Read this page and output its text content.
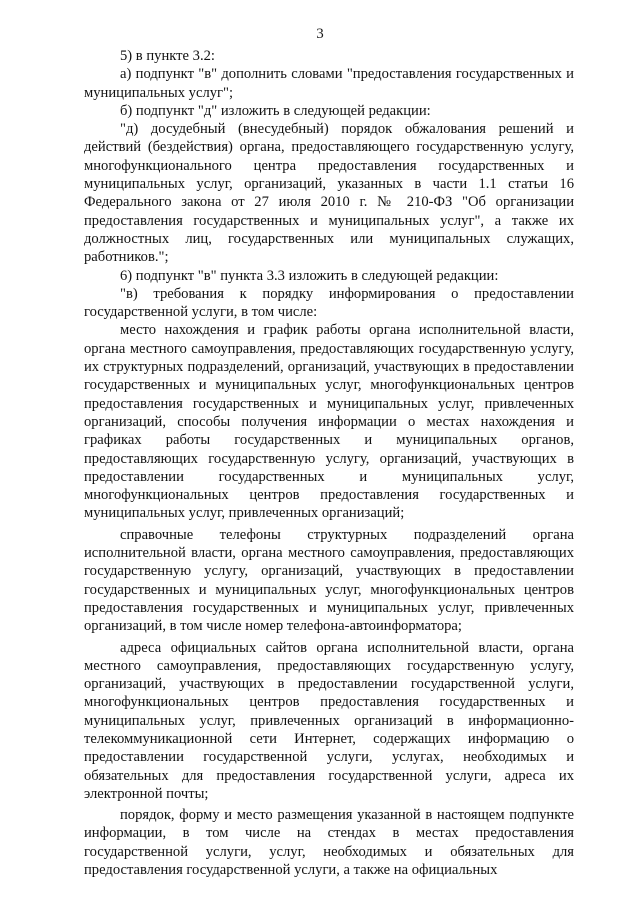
3

5) в пункте 3.2:

а) подпункт "в" дополнить словами "предоставления государственных и муниципальных услуг";

б) подпункт "д" изложить в следующей редакции:

"д) досудебный (внесудебный) порядок обжалования решений и действий (бездействия) органа, предоставляющего государственную услугу, многофункционального центра предоставления государственных и муниципальных услуг, организаций, указанных в части 1.1 статьи 16 Федерального закона от 27 июля 2010 г. № 210-ФЗ "Об организации предоставления государственных и муниципальных услуг", а также их должностных лиц, государственных или муниципальных служащих, работников.";

6) подпункт "в" пункта 3.3 изложить в следующей редакции:

"в) требования к порядку информирования о предоставлении государственной услуги, в том числе:

место нахождения и график работы органа исполнительной власти, органа местного самоуправления, предоставляющих государственную услугу, их структурных подразделений, организаций, участвующих в предоставлении государственных и муниципальных услуг, многофункциональных центров предоставления государственных и муниципальных услуг, привлеченных организаций, способы получения информации о местах нахождения и графиках работы государственных и муниципальных органов, предоставляющих государственную услугу, организаций, участвующих в предоставлении государственных и муниципальных услуг, многофункциональных центров предоставления государственных и муниципальных услуг, привлеченных организаций;

справочные телефоны структурных подразделений органа исполнительной власти, органа местного самоуправления, предоставляющих государственную услугу, организаций, участвующих в предоставлении государственных и муниципальных услуг, многофункциональных центров предоставления государственных и муниципальных услуг, привлеченных организаций, в том числе номер телефона-автоинформатора;

адреса официальных сайтов органа исполнительной власти, органа местного самоуправления, предоставляющих государственную услугу, организаций, участвующих в предоставлении государственной услуги, многофункциональных центров предоставления государственных и муниципальных услуг, привлеченных организаций в информационно-телекоммуникационной сети Интернет, содержащих информацию о предоставлении государственной услуги, услугах, необходимых и обязательных для предоставления государственной услуги, адреса их электронной почты;

порядок, форму и место размещения указанной в настоящем подпункте информации, в том числе на стендах в местах предоставления государственной услуги, услуг, необходимых и обязательных для предоставления государственной услуги, а также на официальных
